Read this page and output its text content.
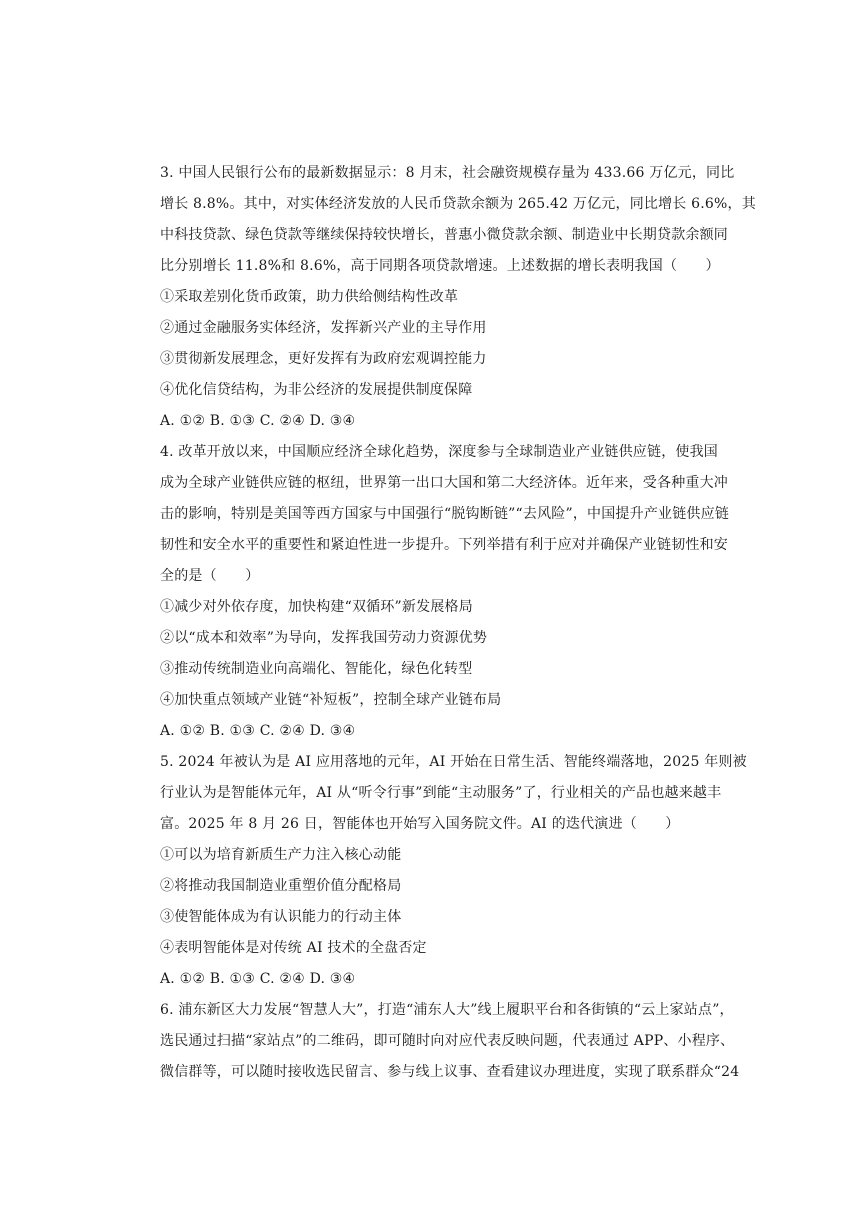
3. 中国人民银行公布的最新数据显示：8 月末，社会融资规模存量为 433.66 万亿元，同比
增长 8.8%。其中，对实体经济发放的人民币贷款余额为 265.42 万亿元，同比增长 6.6%，其
中科技贷款、绿色贷款等继续保持较快增长，普惠小微贷款余额、制造业中长期贷款余额同
比分别增长 11.8%和 8.6%，高于同期各项贷款增速。上述数据的增长表明我国（　　）
①采取差别化货币政策，助力供给侧结构性改革
②通过金融服务实体经济，发挥新兴产业的主导作用
③贯彻新发展理念，更好发挥有为政府宏观调控能力
④优化信贷结构，为非公经济的发展提供制度保障
A. ①② B. ①③ C. ②④ D. ③④
4. 改革开放以来，中国顺应经济全球化趋势，深度参与全球制造业产业链供应链，使我国
成为全球产业链供应链的枢纽，世界第一出口大国和第二大经济体。近年来，受各种重大冲
击的影响，特别是美国等西方国家与中国强行“脱钩断链”“去风险”，中国提升产业链供应链
韧性和安全水平的重要性和紧迫性进一步提升。下列举措有利于应对并确保产业链韧性和安
全的是（　　）
①减少对外依存度，加快构建“双循环”新发展格局
②以“成本和效率”为导向，发挥我国劳动力资源优势
③推动传统制造业向高端化、智能化，绿色化转型
④加快重点领域产业链“补短板”，控制全球产业链布局
A. ①② B. ①③ C. ②④ D. ③④
5. 2024 年被认为是 AI 应用落地的元年，AI 开始在日常生活、智能终端落地，2025 年则被
行业认为是智能体元年，AI 从“听令行事”到能“主动服务”了，行业相关的产品也越来越丰
富。2025 年 8 月 26 日，智能体也开始写入国务院文件。AI 的迭代演进（　　）
①可以为培育新质生产力注入核心动能
②将推动我国制造业重塑价值分配格局
③使智能体成为有认识能力的行动主体
④表明智能体是对传统 AI 技术的全盘否定
A. ①② B. ①③ C. ②④ D. ③④
6. 浦东新区大力发展“智慧人大”，打造“浦东人大”线上履职平台和各街镇的“云上家站点”，
选民通过扫描“家站点”的二维码，即可随时向对应代表反映问题，代表通过 APP、小程序、
微信群等，可以随时接收选民留言、参与线上议事、查看建议办理进度，实现了联系群众“24
